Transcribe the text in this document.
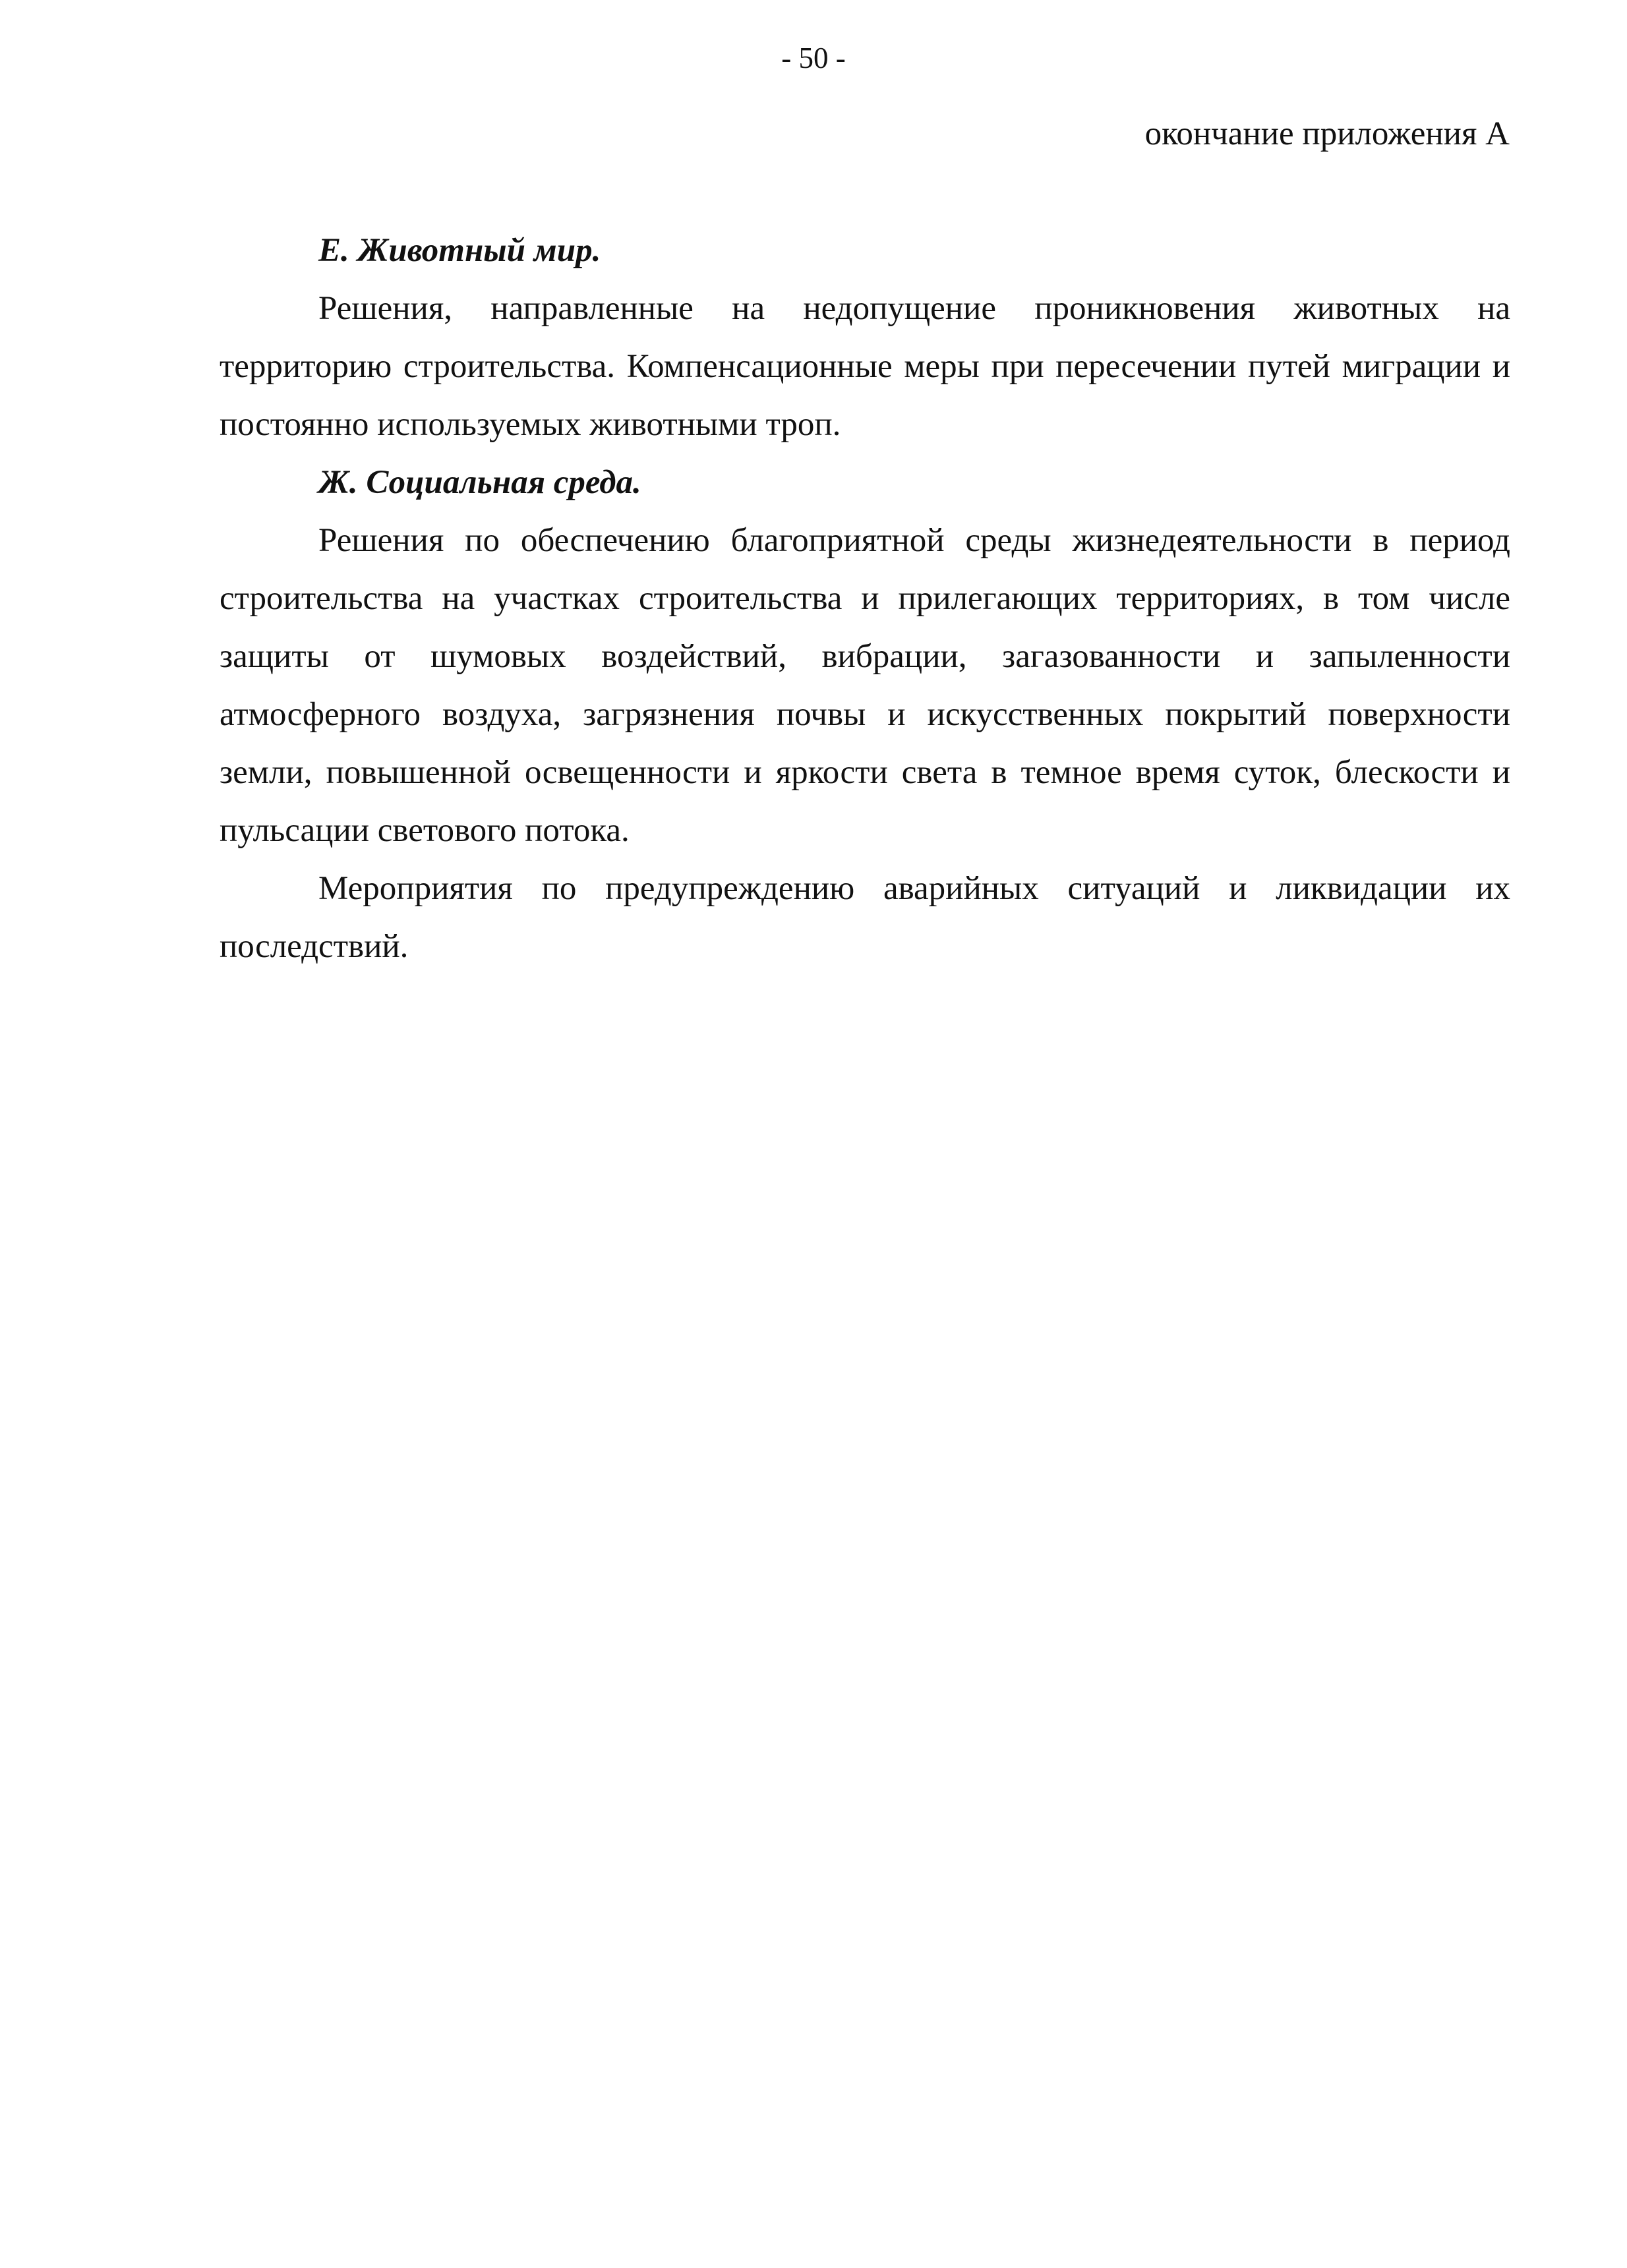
- 50 -
окончание приложения А
Е. Животный мир.

Решения, направленные на недопущение проникновения животных на территорию строительства. Компенсационные меры при пересечении путей миграции и постоянно используемых животными троп.

Ж. Социальная среда.

Решения по обеспечению благоприятной среды жизнедеятельности в период строительства на участках строительства и прилегающих территориях, в том числе защиты от шумовых воздействий, вибрации, загазованности и запыленности атмосферного воздуха, загрязнения почвы и искусственных покрытий поверхности земли, повышенной освещенности и яркости света в темное время суток, блескости и пульсации светового потока.

Мероприятия по предупреждению аварийных ситуаций и ликвидации их последствий.
